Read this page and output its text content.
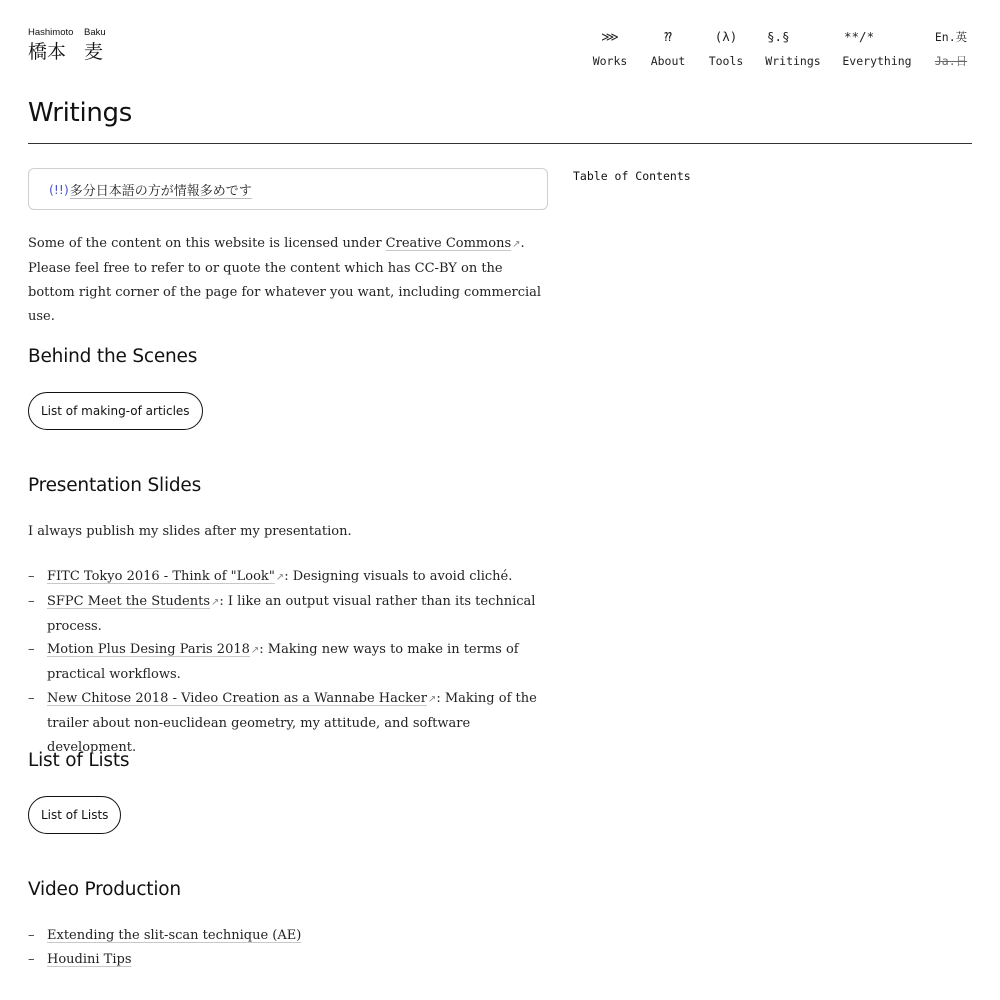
Hashimoto Baku
橋本 麦
⋙
Works
⁇
About
(λ)
Tools
§.§
Writings
**/*
Everything
En.英
Ja.日
Writings
(!!) 多分日本語の方が情報多めです
Table of Contents

Some of the content on this website is licensed under Creative Commons↗. Please feel free to refer to or quote the content which has CC-BY on the bottom right corner of the page for whatever you want, including commercial use.

Behind the Scenes
List of making-of articles
Presentation Slides

I always publish my slides after my presentation.

– FITC Tokyo 2016 - Think of "Look"↗: Designing visuals to avoid cliché.
– SFPC Meet the Students↗: I like an output visual rather than its technical process.
– Motion Plus Desing Paris 2018↗: Making new ways to make in terms of practical workflows.
– New Chitose 2018 - Video Creation as a Wannabe Hacker↗: Making of the trailer about non-euclidean geometry, my attitude, and software development.
List of Lists
List of Lists
Video Production
– Extending the slit-scan technique (AE)
– Houdini Tips
